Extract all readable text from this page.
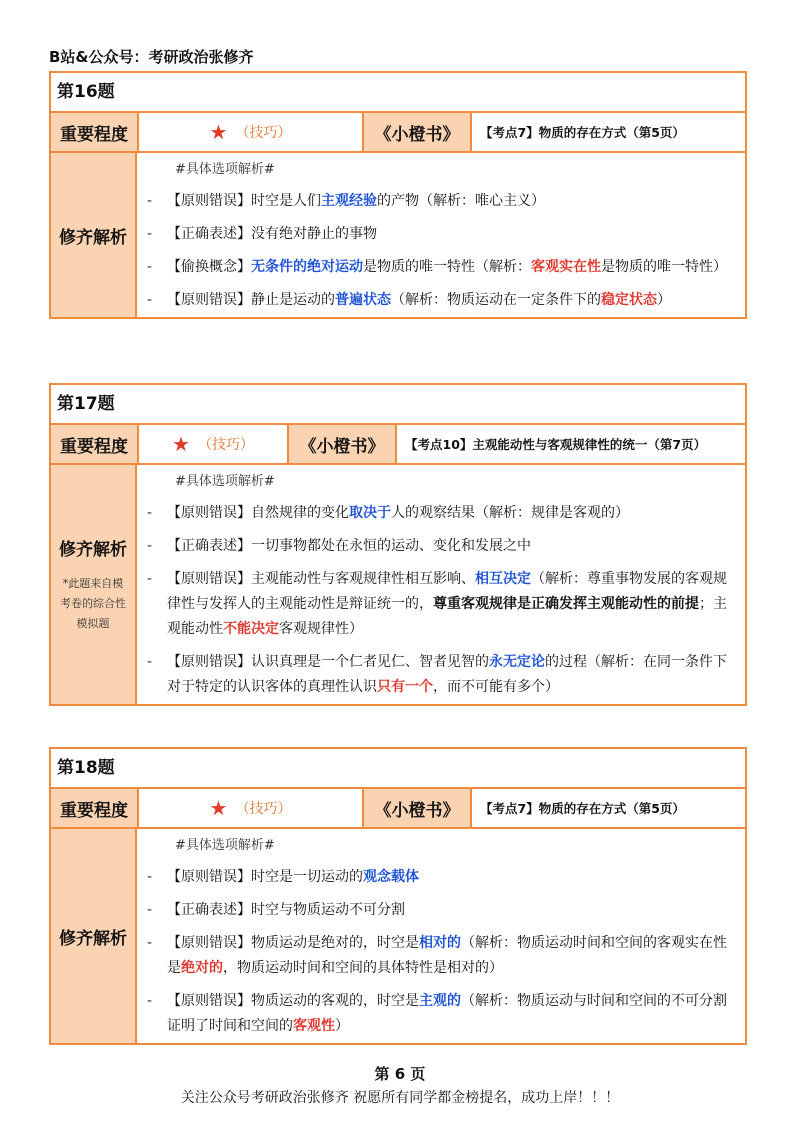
B站&公众号：考研政治张修齐
第16题
重要程度	★ （技巧）	《小橙书》	【考点7】物质的存在方式（第5页）
修齐解析
#具体选项解析#
-	【原则错误】时空是人们主观经验的产物（解析：唯心主义）
-	【正确表述】没有绝对静止的事物
-	【偷换概念】无条件的绝对运动是物质的唯一特性（解析：客观实在性是物质的唯一特性）
-	【原则错误】静止是运动的普遍状态（解析：物质运动在一定条件下的稳定状态）
第17题
重要程度	★ （技巧）	《小橙书》	【考点10】主观能动性与客观规律性的统一（第7页）
修齐解析
*此题来自模考卷的综合性模拟题
#具体选项解析#
-	【原则错误】自然规律的变化取决于人的观察结果（解析：规律是客观的）
-	【正确表述】一切事物都处在永恒的运动、变化和发展之中
-	【原则错误】主观能动性与客观规律性相互影响、相互决定（解析：尊重事物发展的客观规律性与发挥人的主观能动性是辩证统一的，尊重客观规律是正确发挥主观能动性的前提；主观能动性不能决定客观规律性）
-	【原则错误】认识真理是一个仁者见仁、智者见智的永无定论的过程（解析：在同一条件下对于特定的认识客体的真理性认识只有一个，而不可能有多个）
第18题
重要程度	★ （技巧）	《小橙书》	【考点7】物质的存在方式（第5页）
修齐解析
#具体选项解析#
-	【原则错误】时空是一切运动的观念载体
-	【正确表述】时空与物质运动不可分割
-	【原则错误】物质运动是绝对的，时空是相对的（解析：物质运动时间和空间的客观实在性是绝对的，物质运动时间和空间的具体特性是相对的）
-	【原则错误】物质运动的客观的，时空是主观的（解析：物质运动与时间和空间的不可分割证明了时间和空间的客观性）
第 6 页
关注公众号考研政治张修齐 祝愿所有同学都金榜提名，成功上岸！！！
